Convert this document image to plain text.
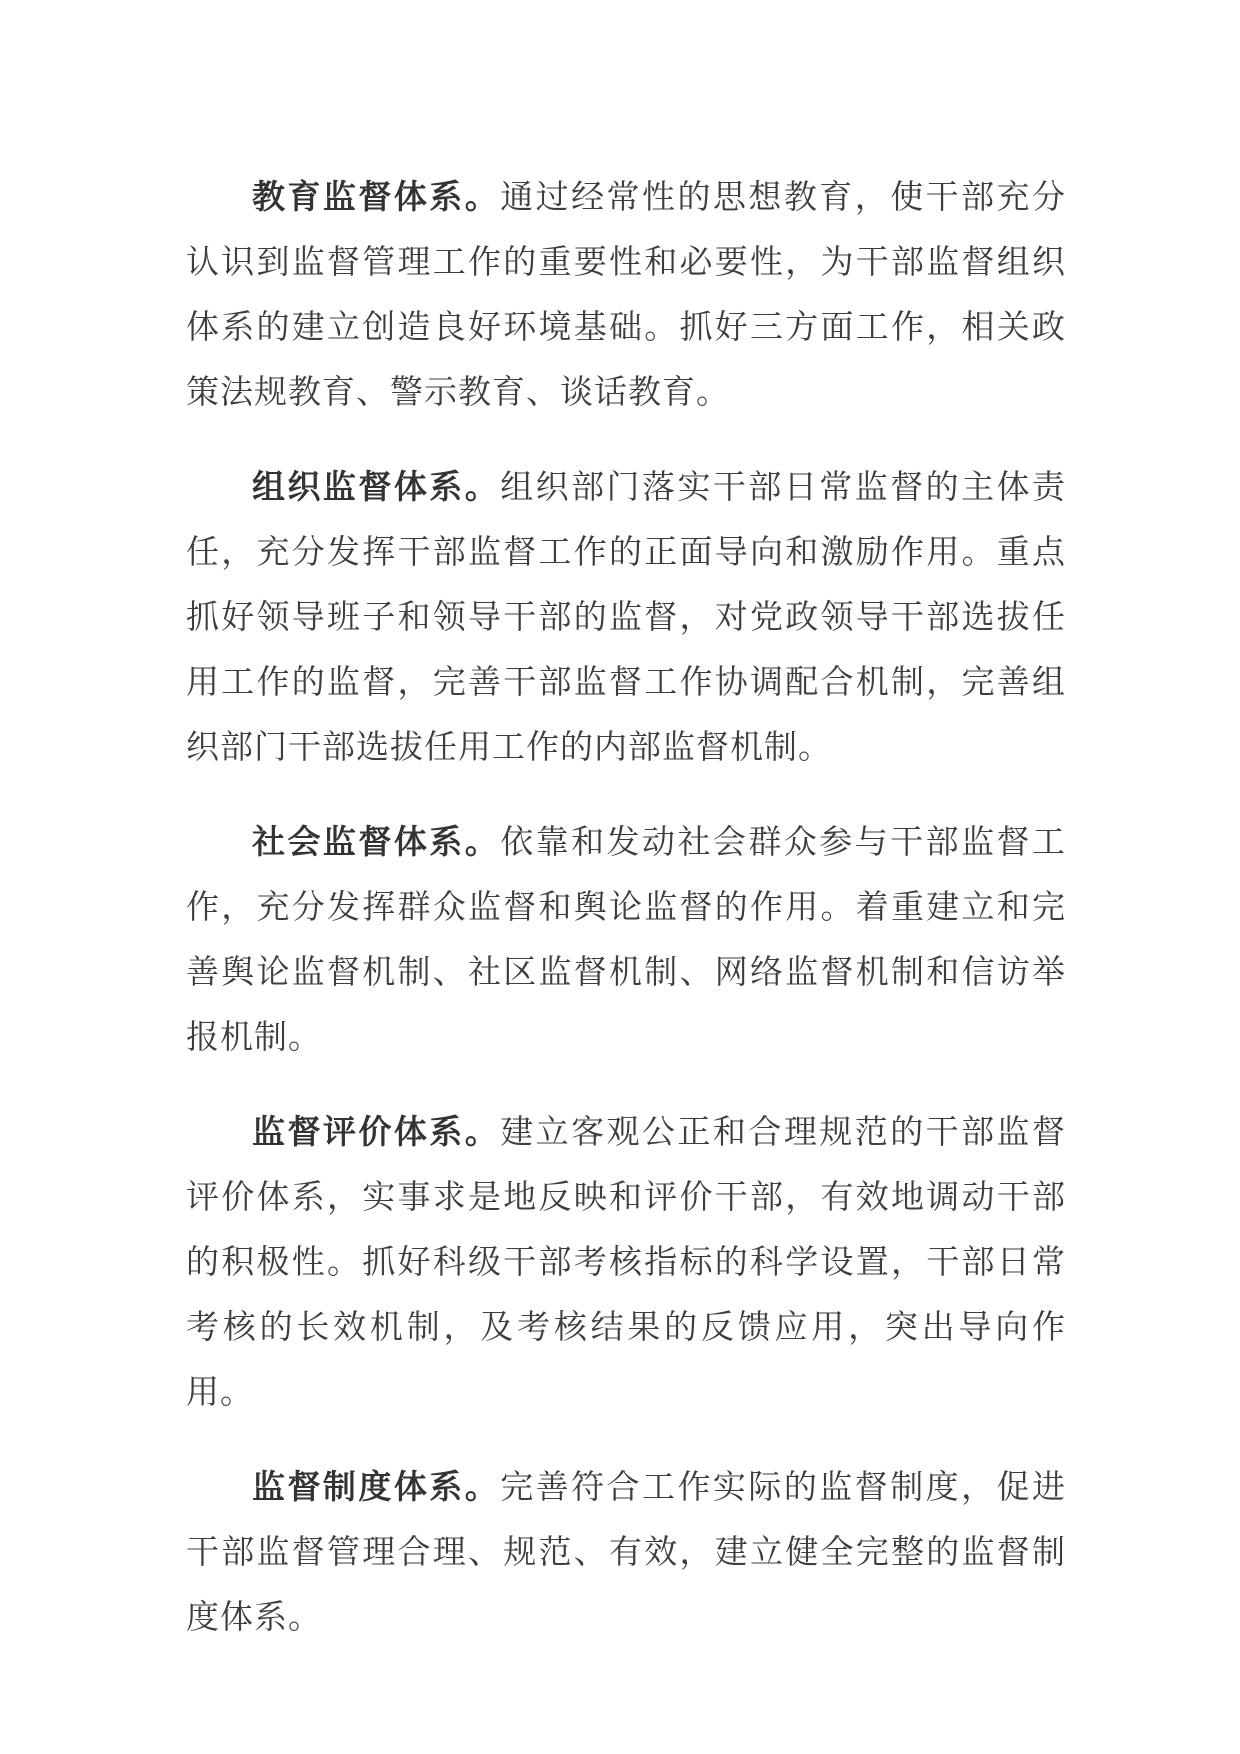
教育监督体系。通过经常性的思想教育，使干部充分认识到监督管理工作的重要性和必要性，为干部监督组织体系的建立创造良好环境基础。抓好三方面工作，相关政策法规教育、警示教育、谈话教育。

组织监督体系。组织部门落实干部日常监督的主体责任，充分发挥干部监督工作的正面导向和激励作用。重点抓好领导班子和领导干部的监督，对党政领导干部选拔任用工作的监督，完善干部监督工作协调配合机制，完善组织部门干部选拔任用工作的内部监督机制。

社会监督体系。依靠和发动社会群众参与干部监督工作，充分发挥群众监督和舆论监督的作用。着重建立和完善舆论监督机制、社区监督机制、网络监督机制和信访举报机制。

监督评价体系。建立客观公正和合理规范的干部监督评价体系，实事求是地反映和评价干部，有效地调动干部的积极性。抓好科级干部考核指标的科学设置，干部日常考核的长效机制，及考核结果的反馈应用，突出导向作用。

监督制度体系。完善符合工作实际的监督制度，促进干部监督管理合理、规范、有效，建立健全完整的监督制度体系。
